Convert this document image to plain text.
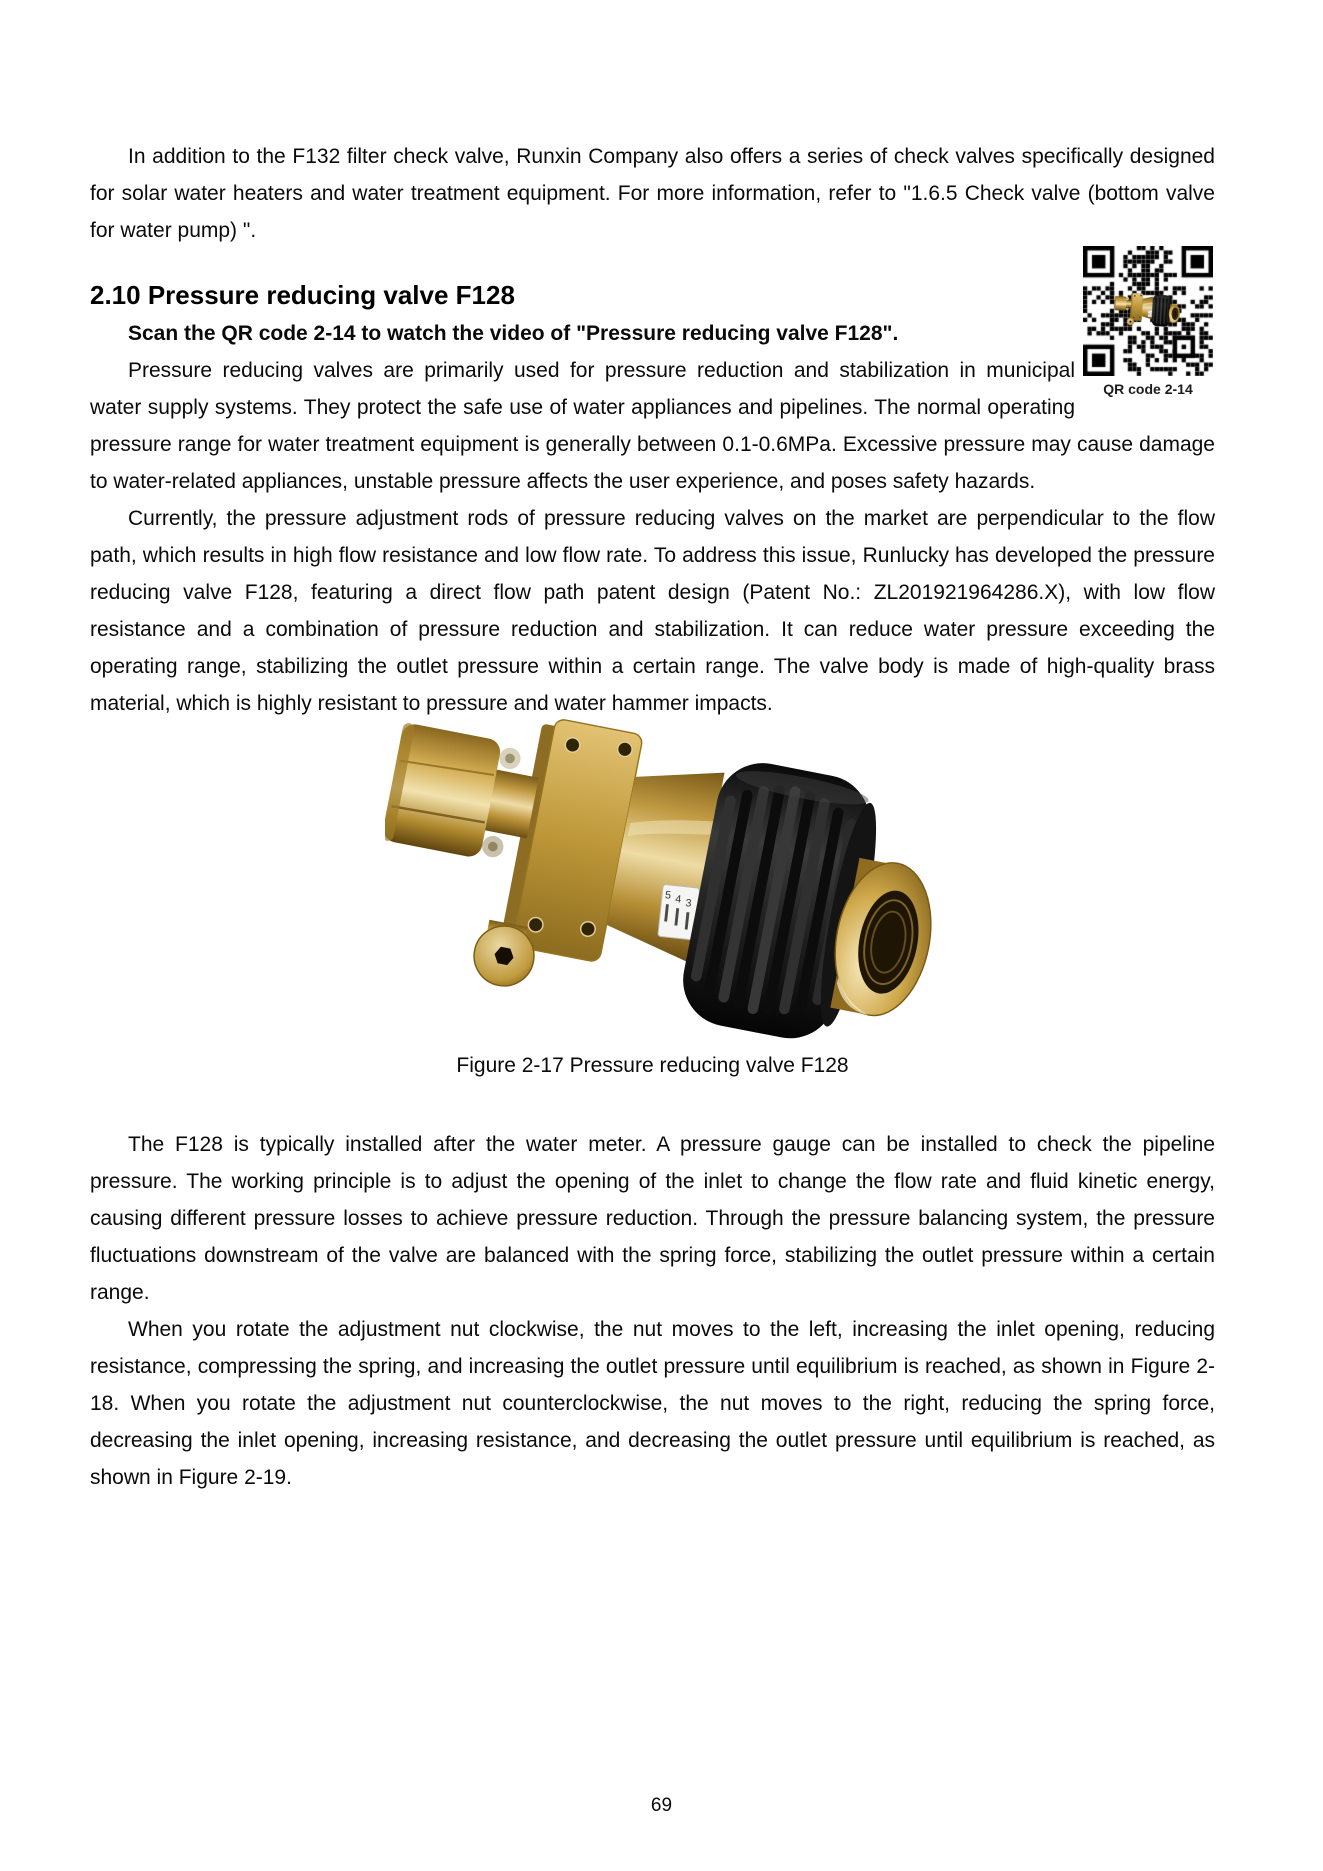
In addition to the F132 filter check valve, Runxin Company also offers a series of check valves specifically designed for solar water heaters and water treatment equipment. For more information, refer to "1.6.5 Check valve (bottom valve for water pump) ".

2.10 Pressure reducing valve F128
QR code 2-14

Scan the QR code 2-14 to watch the video of "Pressure reducing valve F128".

Pressure reducing valves are primarily used for pressure reduction and stabilization in municipal water supply systems. They protect the safe use of water appliances and pipelines. The normal operating pressure range for water treatment equipment is generally between 0.1-0.6MPa. Excessive pressure may cause damage to water-related appliances, unstable pressure affects the user experience, and poses safety hazards.

Currently, the pressure adjustment rods of pressure reducing valves on the market are perpendicular to the flow path, which results in high flow resistance and low flow rate. To address this issue, Runlucky has developed the pressure reducing valve F128, featuring a direct flow path patent design (Patent No.: ZL201921964286.X), with low flow resistance and a combination of pressure reduction and stabilization. It can reduce water pressure exceeding the operating range, stabilizing the outlet pressure within a certain range. The valve body is made of high-quality brass material, which is highly resistant to pressure and water hammer impacts.

Figure 2-17 Pressure reducing valve F128

The F128 is typically installed after the water meter. A pressure gauge can be installed to check the pipeline pressure. The working principle is to adjust the opening of the inlet to change the flow rate and fluid kinetic energy, causing different pressure losses to achieve pressure reduction. Through the pressure balancing system, the pressure fluctuations downstream of the valve are balanced with the spring force, stabilizing the outlet pressure within a certain range.

When you rotate the adjustment nut clockwise, the nut moves to the left, increasing the inlet opening, reducing resistance, compressing the spring, and increasing the outlet pressure until equilibrium is reached, as shown in Figure 2-18. When you rotate the adjustment nut counterclockwise, the nut moves to the right, reducing the spring force, decreasing the inlet opening, increasing resistance, and decreasing the outlet pressure until equilibrium is reached, as shown in Figure 2-19.

69
